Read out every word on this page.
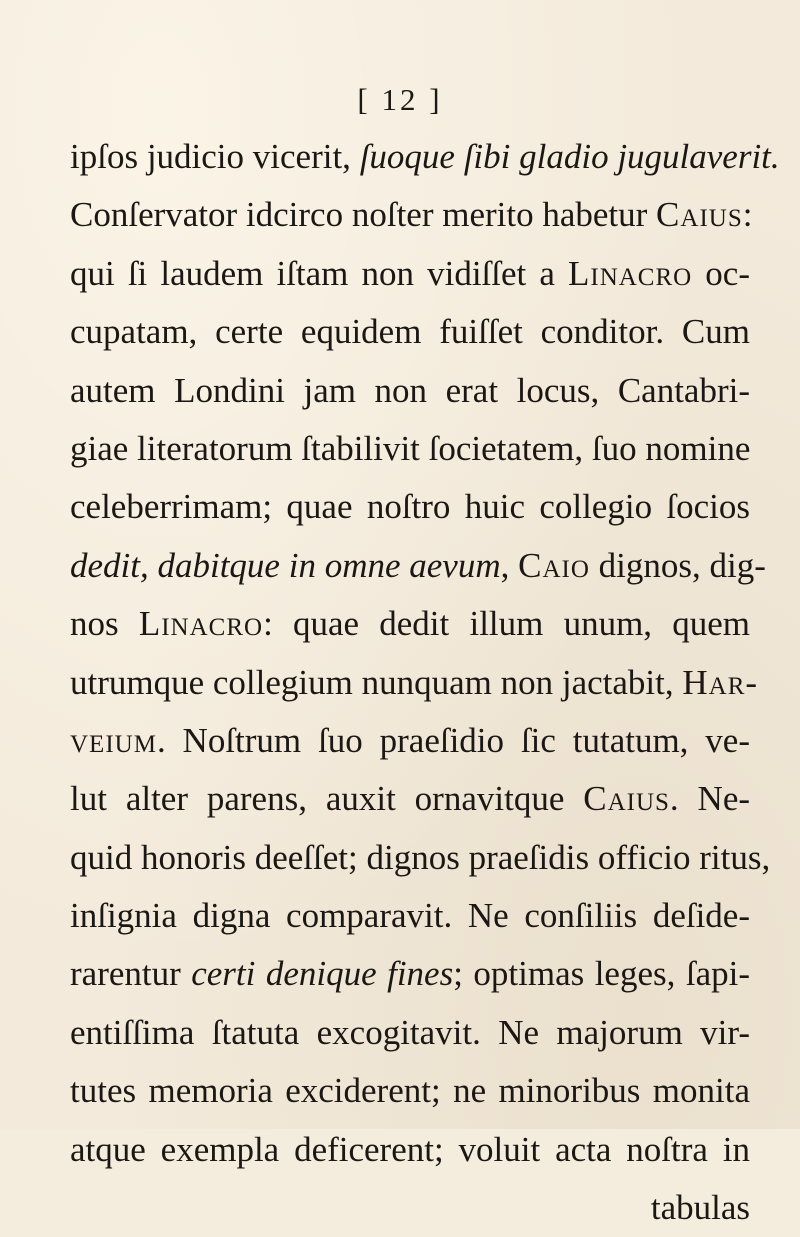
[ 12 ]
ipſos judicio vicerit, ſuoque ſibi gladio jugulaverit.
Conſervator idcirco noſter merito habetur Caius:
qui ſi laudem iſtam non vidiſſet a Linacro oc-
cupatam, certe equidem fuiſſet conditor. Cum
autem Londini jam non erat locus, Cantabri-
giae literatorum ſtabilivit ſocietatem, ſuo nomine
celeberrimam; quae noſtro huic collegio ſocios
dedit, dabitque in omne aevum, Caio dignos, dig-
nos Linacro: quae dedit illum unum, quem
utrumque collegium nunquam non jactabit, Har-
veium. Noſtrum ſuo praeſidio ſic tutatum, ve-
lut alter parens, auxit ornavitque Caius. Ne-
quid honoris deeſſet; dignos praeſidis officio ritus,
inſignia digna comparavit. Ne conſiliis deſide-
rarentur certi denique fines; optimas leges, ſapi-
entiſſima ſtatuta excogitavit. Ne majorum vir-
tutes memoria exciderent; ne minoribus monita
atque exempla deficerent; voluit acta noſtra in
tabulas
